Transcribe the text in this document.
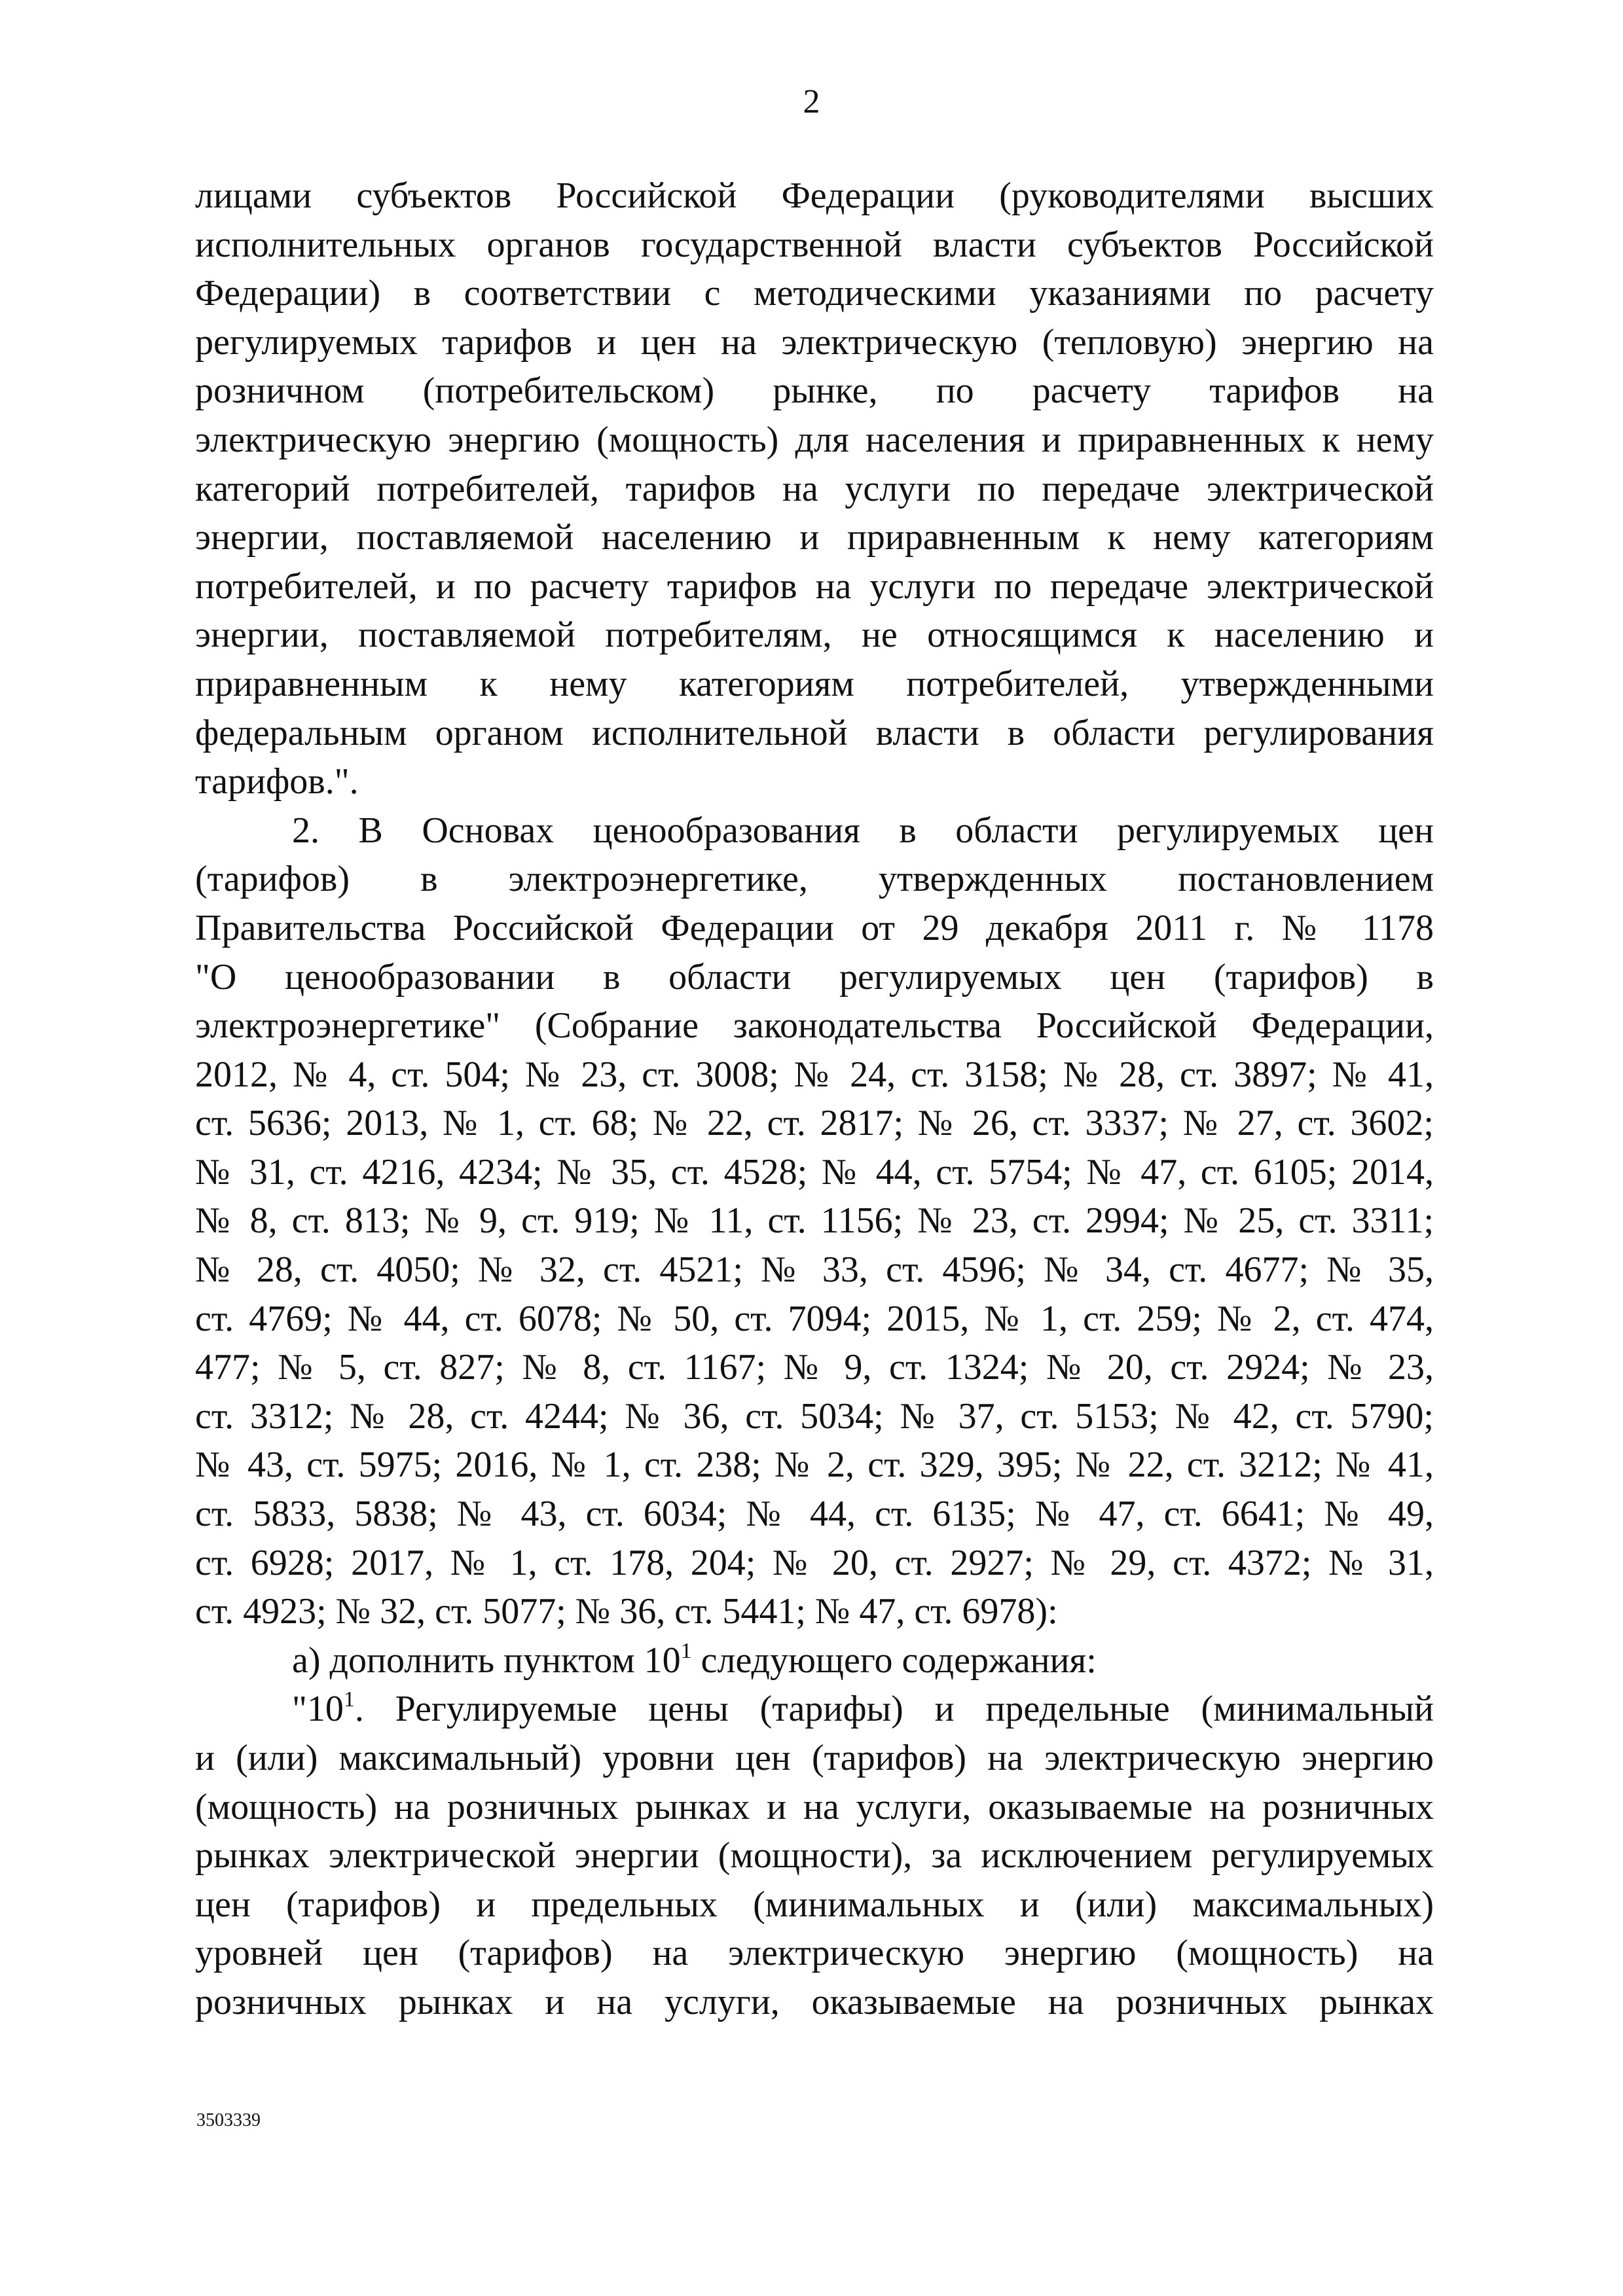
2
лицами субъектов Российской Федерации (руководителями высших
исполнительных органов государственной власти субъектов Российской
Федерации) в соответствии с методическими указаниями по расчету
регулируемых тарифов и цен на электрическую (тепловую) энергию на
розничном (потребительском) рынке, по расчету тарифов на
электрическую энергию (мощность) для населения и приравненных к нему
категорий потребителей, тарифов на услуги по передаче электрической
энергии, поставляемой населению и приравненным к нему категориям
потребителей, и по расчету тарифов на услуги по передаче электрической
энергии, поставляемой потребителям, не относящимся к населению и
приравненным к нему категориям потребителей, утвержденными
федеральным органом исполнительной власти в области регулирования
тарифов.".
2. В Основах ценообразования в области регулируемых цен
(тарифов) в электроэнергетике, утвержденных постановлением
Правительства Российской Федерации от 29 декабря 2011 г. № 1178
"О ценообразовании в области регулируемых цен (тарифов) в
электроэнергетике" (Собрание законодательства Российской Федерации,
2012, № 4, ст. 504; № 23, ст. 3008; № 24, ст. 3158; № 28, ст. 3897; № 41,
ст. 5636; 2013, № 1, ст. 68; № 22, ст. 2817; № 26, ст. 3337; № 27, ст. 3602;
№ 31, ст. 4216, 4234; № 35, ст. 4528; № 44, ст. 5754; № 47, ст. 6105; 2014,
№ 8, ст. 813; № 9, ст. 919; № 11, ст. 1156; № 23, ст. 2994; № 25, ст. 3311;
№ 28, ст. 4050; № 32, ст. 4521; № 33, ст. 4596; № 34, ст. 4677; № 35,
ст. 4769; № 44, ст. 6078; № 50, ст. 7094; 2015, № 1, ст. 259; № 2, ст. 474,
477; № 5, ст. 827; № 8, ст. 1167; № 9, ст. 1324; № 20, ст. 2924; № 23,
ст. 3312; № 28, ст. 4244; № 36, ст. 5034; № 37, ст. 5153; № 42, ст. 5790;
№ 43, ст. 5975; 2016, № 1, ст. 238; № 2, ст. 329, 395; № 22, ст. 3212; № 41,
ст. 5833, 5838; № 43, ст. 6034; № 44, ст. 6135; № 47, ст. 6641; № 49,
ст. 6928; 2017, № 1, ст. 178, 204; № 20, ст. 2927; № 29, ст. 4372; № 31,
ст. 4923; № 32, ст. 5077; № 36, ст. 5441; № 47, ст. 6978):
а) дополнить пунктом $10^1$ следующего содержания:
"$10^1$. Регулируемые цены (тарифы) и предельные (минимальный
и (или) максимальный) уровни цен (тарифов) на электрическую энергию
(мощность) на розничных рынках и на услуги, оказываемые на розничных
рынках электрической энергии (мощности), за исключением регулируемых
цен (тарифов) и предельных (минимальных и (или) максимальных)
уровней цен (тарифов) на электрическую энергию (мощность) на
розничных рынках и на услуги, оказываемые на розничных рынках
3503339
